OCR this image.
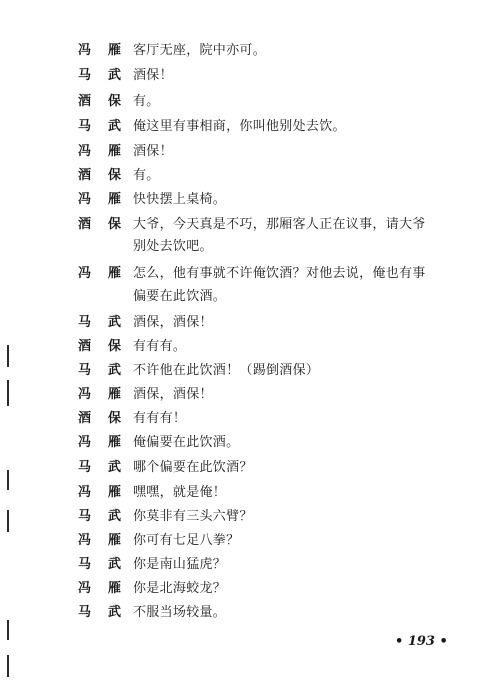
冯　雁 客厅无座，院中亦可。
马　武 酒保！
酒　保 有。
马　武 俺这里有事相商，你叫他别处去饮。
冯　雁 酒保！
酒　保 有。
冯　雁 快快摆上桌椅。
酒　保 大爷，今天真是不巧，那厢客人正在议事，请大爷
别处去饮吧。
冯　雁 怎么，他有事就不许俺饮酒？对他去说，俺也有事
偏要在此饮酒。
马　武 酒保，酒保！
酒　保 有有有。
马　武 不许他在此饮酒！（踢倒酒保）
冯　雁 酒保，酒保！
酒　保 有有有！
冯　雁 俺偏要在此饮酒。
马　武 哪个偏要在此饮酒？
冯　雁 嘿嘿，就是俺！
马　武 你莫非有三头六臂？
冯　雁 你可有七足八拳？
马　武 你是南山猛虎？
冯　雁 你是北海蛟龙？
马　武 不服当场较量。
• 193 •
